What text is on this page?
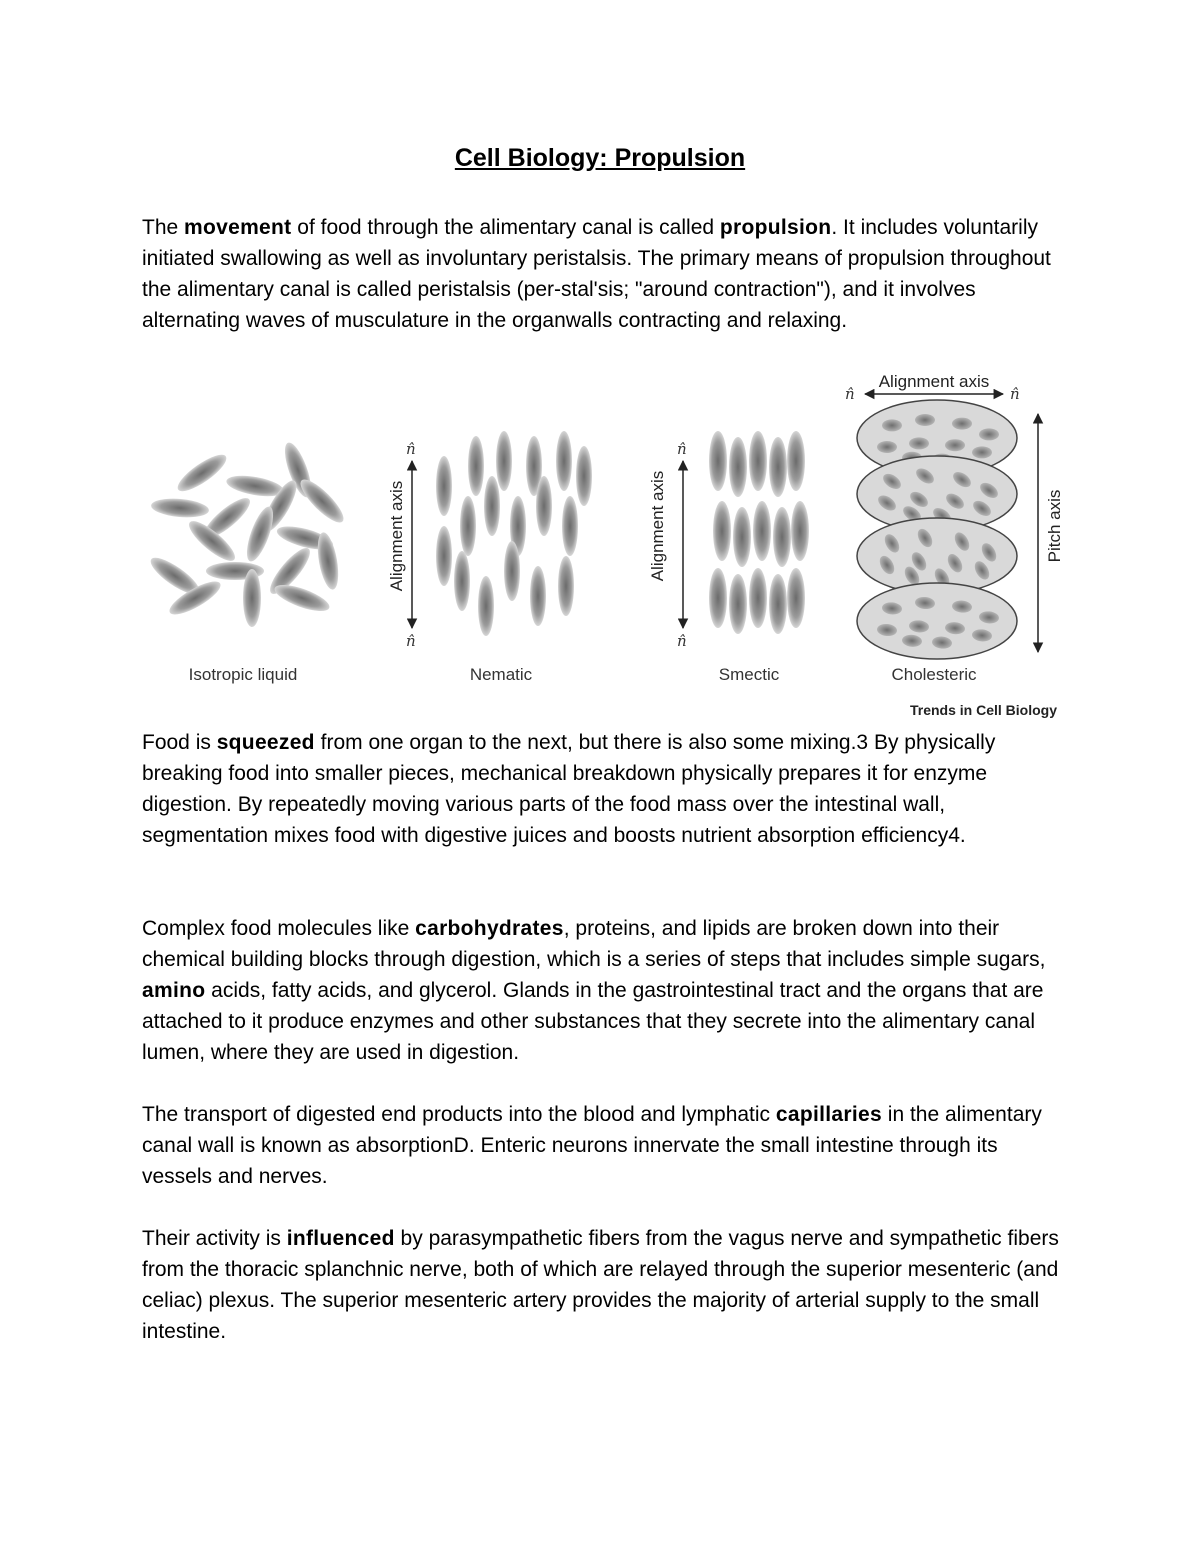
Cell Biology: Propulsion
The movement of food through the alimentary canal is called propulsion. It includes voluntarily initiated swallowing as well as involuntary peristalsis. The primary means of propulsion throughout the alimentary canal is called peristalsis (per-stal'sis; "around contraction"), and it involves alternating waves of musculature in the organwalls contracting and relaxing.
n̂
n̂
Alignment axis
n̂
n̂
Alignment axis
n̂	n̂
Alignment axis
Pitch axis
Isotropic liquid	Nematic	Smectic	Cholesteric
Trends in Cell Biology
Food is squeezed from one organ to the next, but there is also some mixing.3 By physically breaking food into smaller pieces, mechanical breakdown physically prepares it for enzyme digestion. By repeatedly moving various parts of the food mass over the intestinal wall, segmentation mixes food with digestive juices and boosts nutrient absorption efficiency4.
Complex food molecules like carbohydrates, proteins, and lipids are broken down into their chemical building blocks through digestion, which is a series of steps that includes simple sugars, amino acids, fatty acids, and glycerol. Glands in the gastrointestinal tract and the organs that are attached to it produce enzymes and other substances that they secrete into the alimentary canal lumen, where they are used in digestion.
The transport of digested end products into the blood and lymphatic capillaries in the alimentary canal wall is known as absorptionD. Enteric neurons innervate the small intestine through its vessels and nerves.
Their activity is influenced by parasympathetic fibers from the vagus nerve and sympathetic fibers from the thoracic splanchnic nerve, both of which are relayed through the superior mesenteric (and celiac) plexus. The superior mesenteric artery provides the majority of arterial supply to the small intestine.
